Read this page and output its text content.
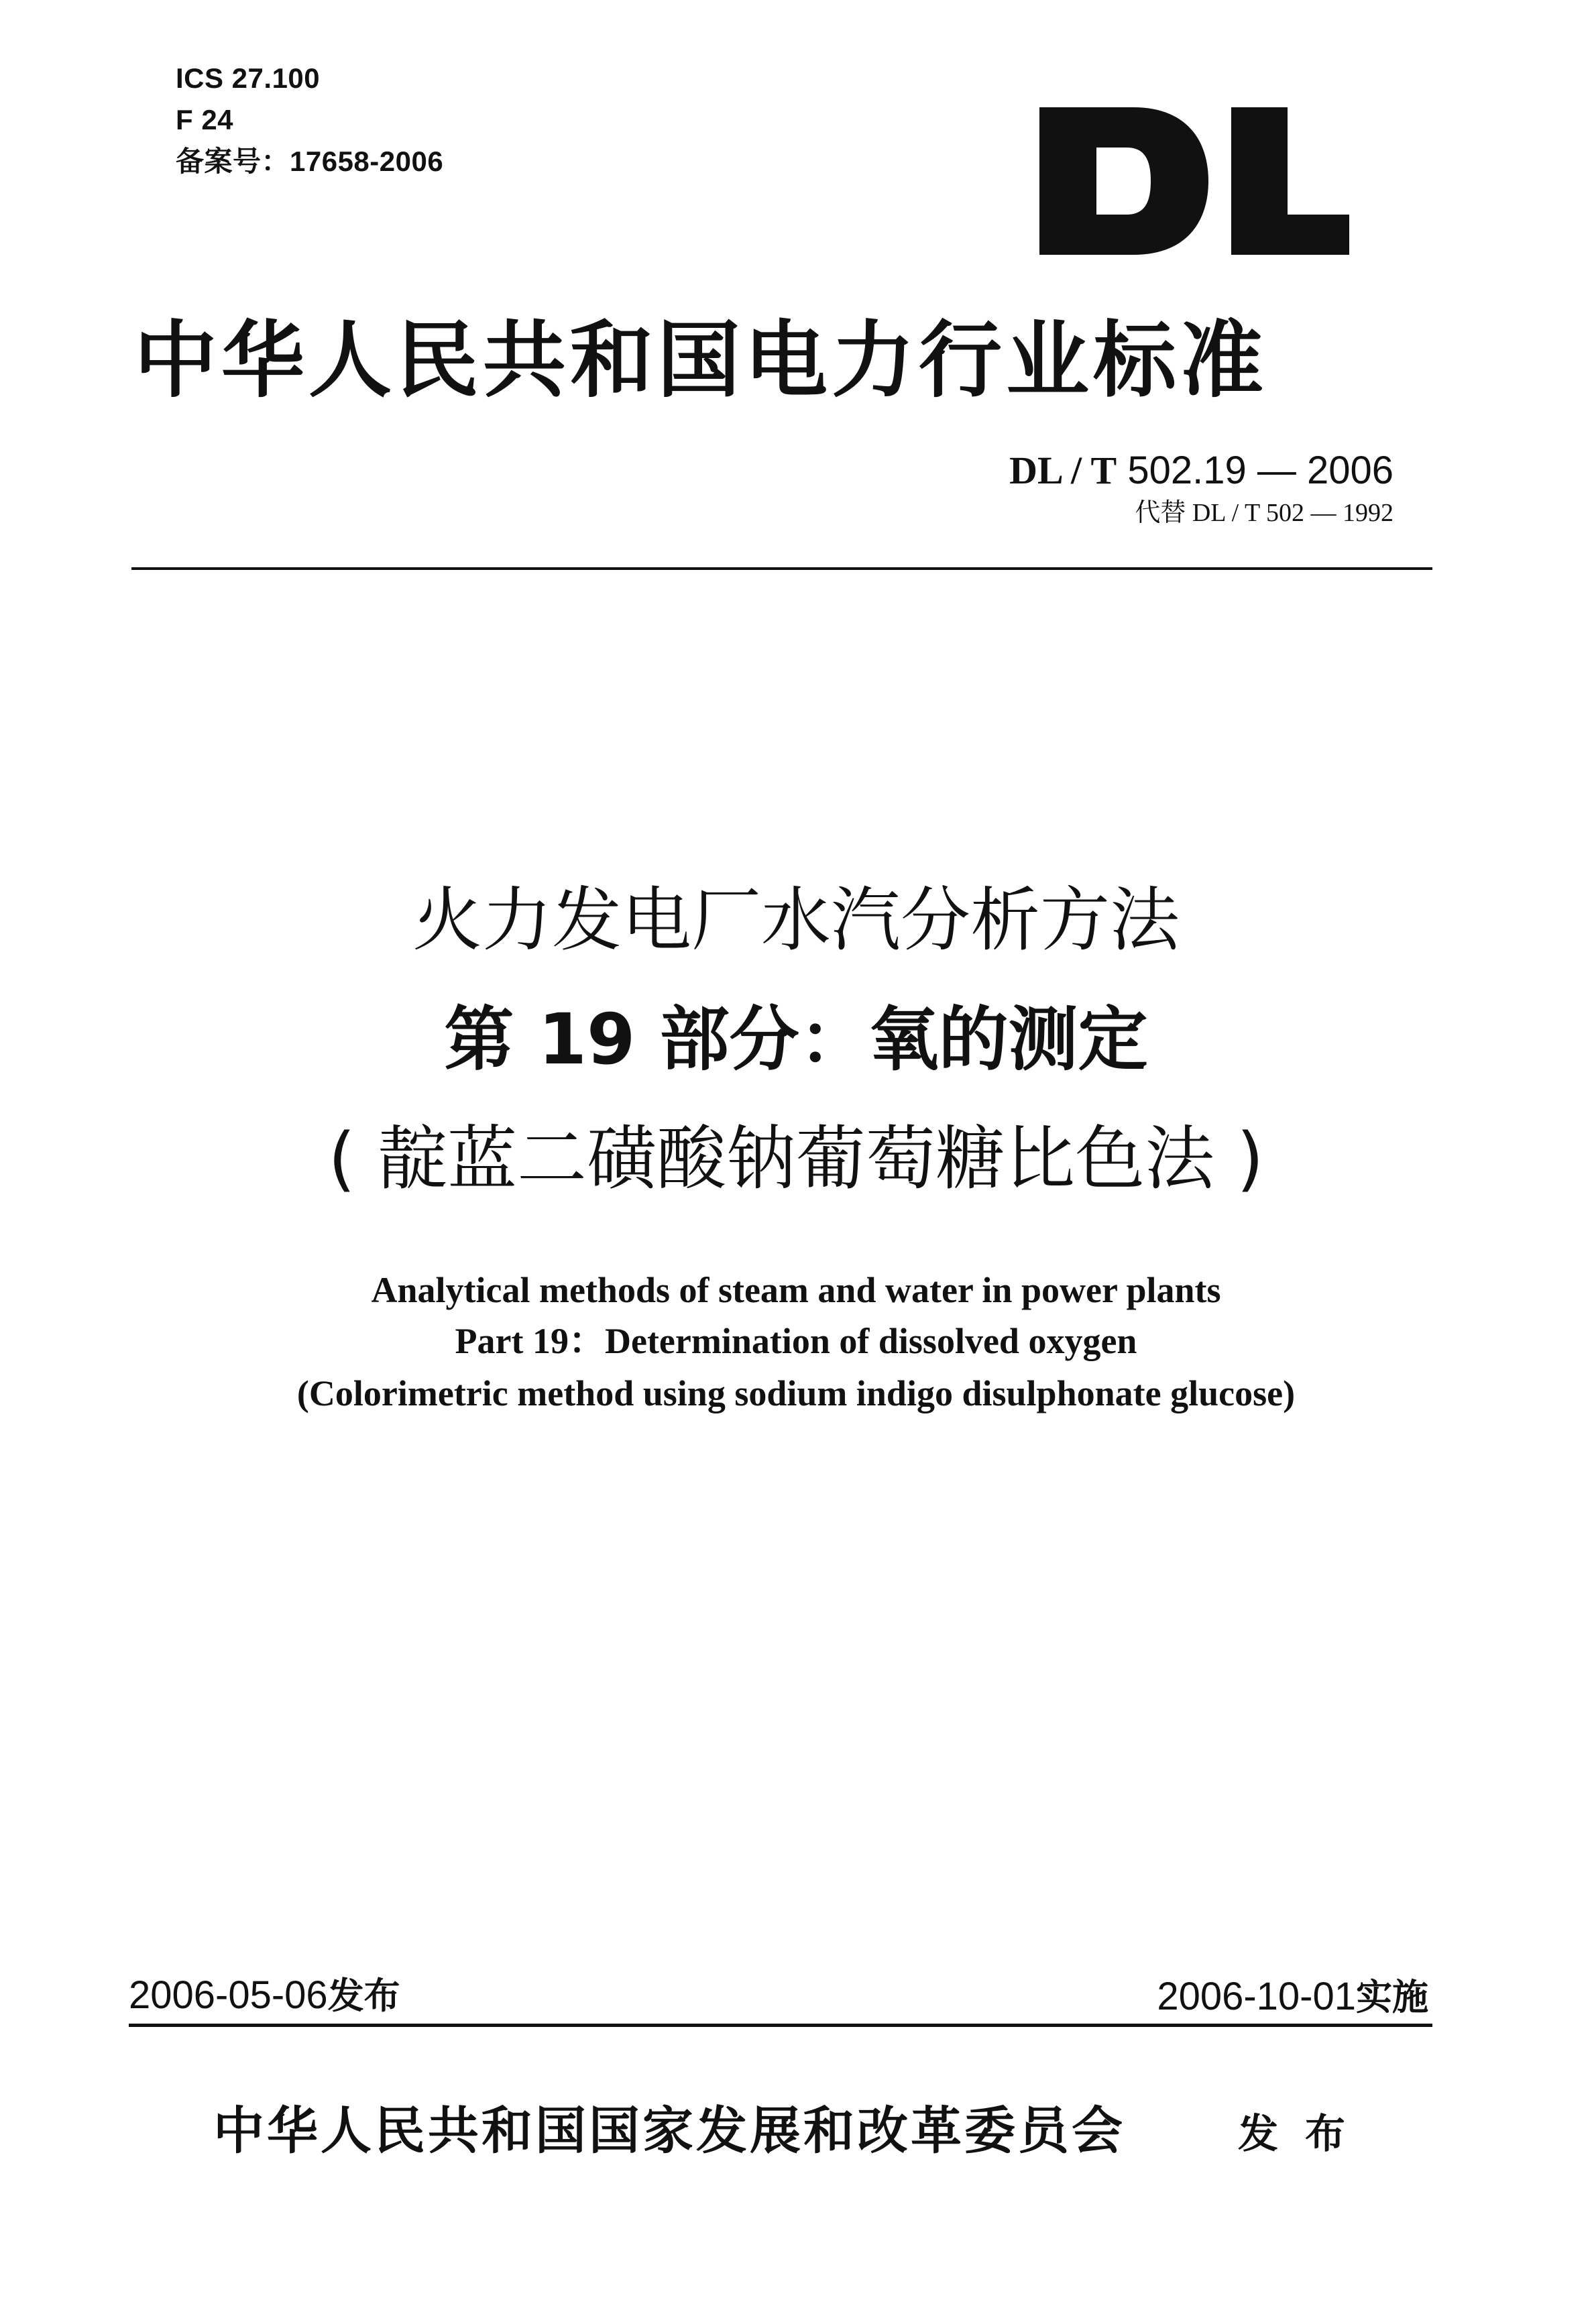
ICS 27.100
F 24
备案号：17658-2006
中华人民共和国电力行业标准
DL / T 502.19 — 2006
代替 DL / T 502 — 1992
火力发电厂水汽分析方法
第 19 部分：氧的测定
( 靛蓝二磺酸钠葡萄糖比色法 )
Analytical methods of steam and water in power plants
Part 19：Determination of dissolved oxygen
(Colorimetric method using sodium indigo disulphonate glucose)
2006-05-06发布	2006-10-01实施
中华人民共和国国家发展和改革委员会	发布
